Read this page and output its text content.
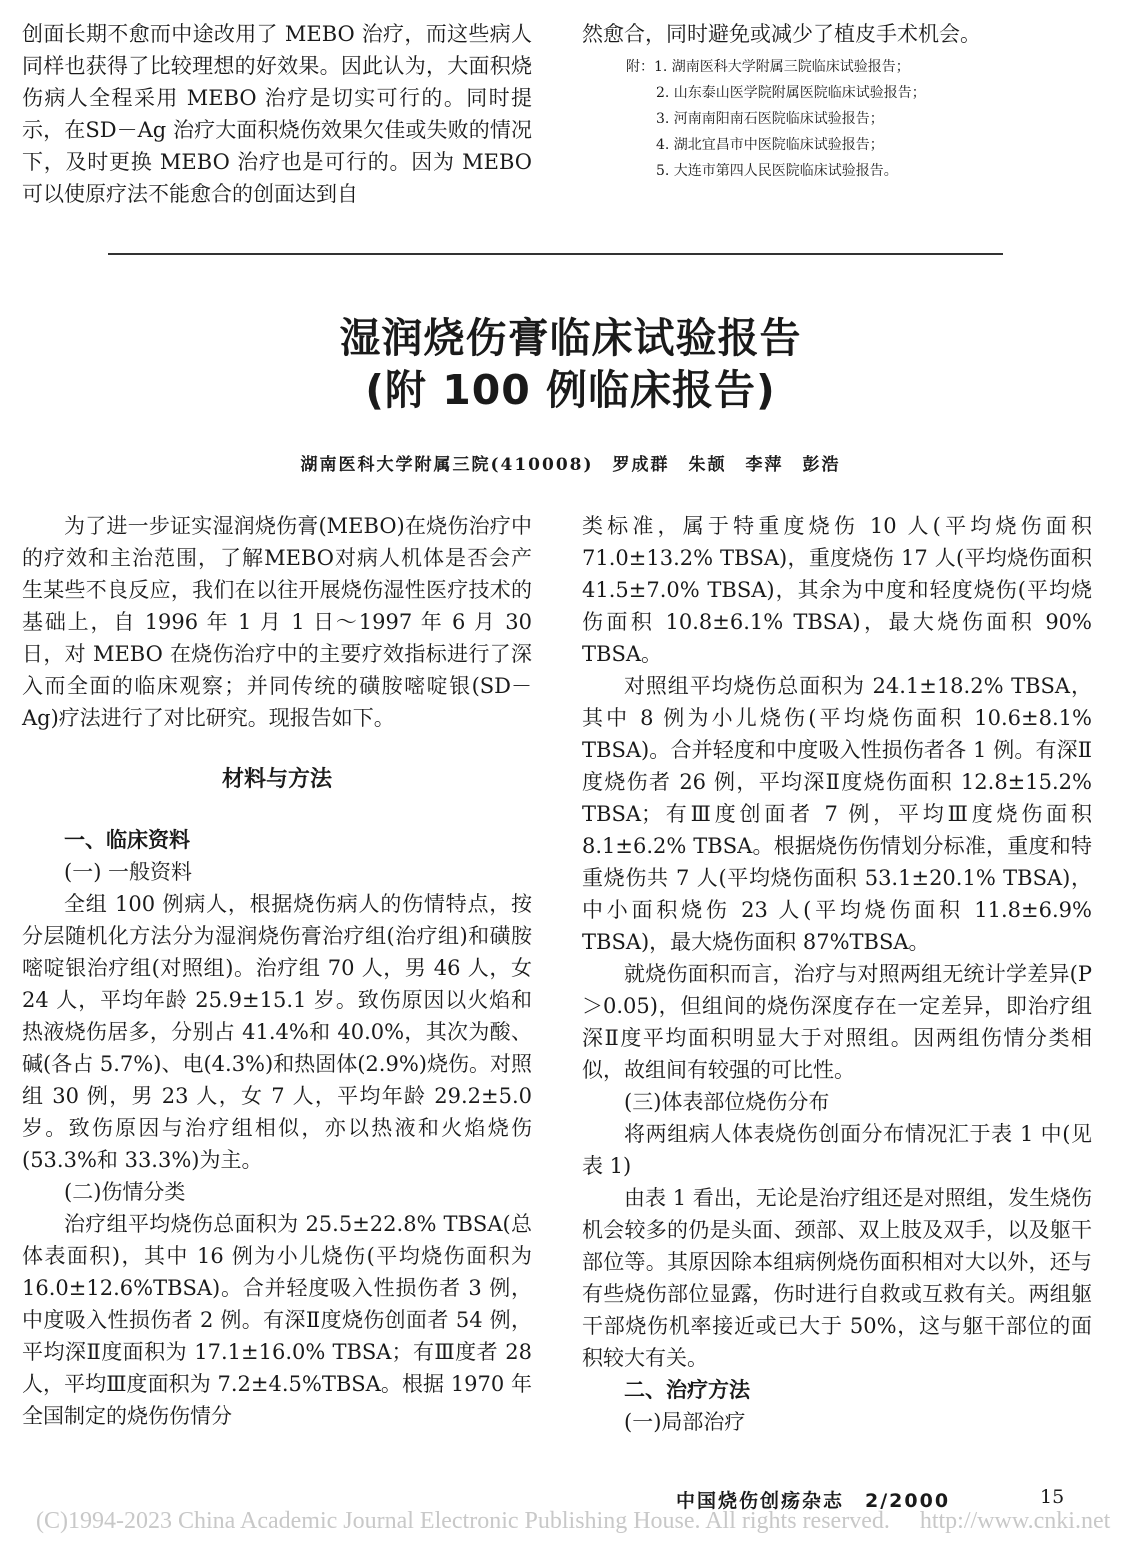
创面长期不愈而中途改用了 MEBO 治疗，而这些病人同样也获得了比较理想的好效果。因此认为，大面积烧伤病人全程采用 MEBO 治疗是切实可行的。同时提示，在SD－Ag 治疗大面积烧伤效果欠佳或失败的情况下，及时更换 MEBO 治疗也是可行的。因为 MEBO 可以使原疗法不能愈合的创面达到自

然愈合，同时避免或减少了植皮手术机会。

附：1. 湖南医科大学附属三院临床试验报告；
2. 山东泰山医学院附属医院临床试验报告；
3. 河南南阳南石医院临床试验报告；
4. 湖北宜昌市中医院临床试验报告；
5. 大连市第四人民医院临床试验报告。
湿润烧伤膏临床试验报告
(附 100 例临床报告)

湖南医科大学附属三院(410008)　罗成群　朱颉　李萍　彭浩

为了进一步证实湿润烧伤膏(MEBO)在烧伤治疗中的疗效和主治范围，了解MEBO对病人机体是否会产生某些不良反应，我们在以往开展烧伤湿性医疗技术的基础上，自 1996 年 1 月 1 日～1997 年 6 月 30 日，对 MEBO 在烧伤治疗中的主要疗效指标进行了深入而全面的临床观察；并同传统的磺胺嘧啶银(SD－Ag)疗法进行了对比研究。现报告如下。

材料与方法

一、临床资料

(一) 一般资料

全组 100 例病人，根据烧伤病人的伤情特点，按分层随机化方法分为湿润烧伤膏治疗组(治疗组)和磺胺嘧啶银治疗组(对照组)。治疗组 70 人，男 46 人，女 24 人，平均年龄 25.9±15.1 岁。致伤原因以火焰和热液烧伤居多，分别占 41.4%和 40.0%，其次为酸、碱(各占 5.7%)、电(4.3%)和热固体(2.9%)烧伤。对照组 30 例，男 23 人，女 7 人，平均年龄 29.2±5.0 岁。致伤原因与治疗组相似，亦以热液和火焰烧伤(53.3%和 33.3%)为主。

(二)伤情分类

治疗组平均烧伤总面积为 25.5±22.8% TBSA(总体表面积)，其中 16 例为小儿烧伤(平均烧伤面积为 16.0±12.6%TBSA)。合并轻度吸入性损伤者 3 例，中度吸入性损伤者 2 例。有深Ⅱ度烧伤创面者 54 例，平均深Ⅱ度面积为 17.1±16.0% TBSA；有Ⅲ度者 28 人，平均Ⅲ度面积为 7.2±4.5%TBSA。根据 1970 年全国制定的烧伤伤情分

类标准，属于特重度烧伤 10 人(平均烧伤面积 71.0±13.2% TBSA)，重度烧伤 17 人(平均烧伤面积 41.5±7.0% TBSA)，其余为中度和轻度烧伤(平均烧伤面积 10.8±6.1% TBSA)，最大烧伤面积 90% TBSA。

对照组平均烧伤总面积为 24.1±18.2% TBSA，其中 8 例为小儿烧伤(平均烧伤面积 10.6±8.1% TBSA)。合并轻度和中度吸入性损伤者各 1 例。有深Ⅱ度烧伤者 26 例，平均深Ⅱ度烧伤面积 12.8±15.2% TBSA；有Ⅲ度创面者 7 例，平均Ⅲ度烧伤面积 8.1±6.2% TBSA。根据烧伤伤情划分标准，重度和特重烧伤共 7 人(平均烧伤面积 53.1±20.1% TBSA)，中小面积烧伤 23 人(平均烧伤面积 11.8±6.9% TBSA)，最大烧伤面积 87%TBSA。

就烧伤面积而言，治疗与对照两组无统计学差异(P＞0.05)，但组间的烧伤深度存在一定差异，即治疗组深Ⅱ度平均面积明显大于对照组。因两组伤情分类相似，故组间有较强的可比性。

(三)体表部位烧伤分布

将两组病人体表烧伤创面分布情况汇于表 1 中(见表 1)

由表 1 看出，无论是治疗组还是对照组，发生烧伤机会较多的仍是头面、颈部、双上肢及双手，以及躯干部位等。其原因除本组病例烧伤面积相对大以外，还与有些烧伤部位显露，伤时进行自救或互救有关。两组躯干部烧伤机率接近或已大于 50%，这与躯干部位的面积较大有关。

二、治疗方法

(一)局部治疗

中国烧伤创疡杂志　2/2000	15

(C)1994-2023 China Academic Journal Electronic Publishing House. All rights reserved.　 http://www.cnki.net
